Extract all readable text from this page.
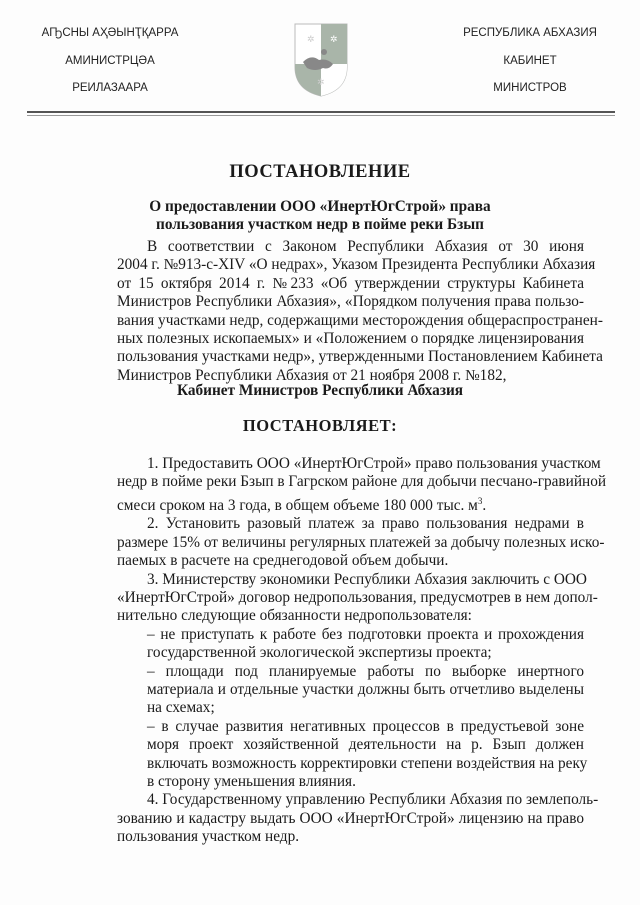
АҦСНЫ АҲӘЫНҬҚАРРА
АМИНИСТРЦӘА
РЕИЛАЗААРА
✲ ✲
✲
РЕСПУБЛИКА АБХАЗИЯ
КАБИНЕТ
МИНИСТРОВ
ПОСТАНОВЛЕНИЕ
О предоставлении ООО «ИнертЮгСтрой» права
пользования участком недр в пойме реки Бзып
В соответствии с Законом Республики Абхазия от 30 июня
2004 г. №913-с-XIV «О недрах», Указом Президента Республики Абхазия
от 15 октября 2014 г. №233 «Об утверждении структуры Кабинета
Министров Республики Абхазия», «Порядком получения права пользо-
вания участками недр, содержащими месторождения общераспространен-
ных полезных ископаемых» и «Положением о порядке лицензирования
пользования участками недр», утвержденными Постановлением Кабинета
Министров Республики Абхазия от 21 ноября 2008 г. №182,
Кабинет Министров Республики Абхазия
ПОСТАНОВЛЯЕТ:
1. Предоставить ООО «ИнертЮгСтрой» право пользования участком
недр в пойме реки Бзып в Гагрском районе для добычи песчано-гравийной
смеси сроком на 3 года, в общем объеме 180 000 тыс. $м^3$.
2. Установить разовый платеж за право пользования недрами в
размере 15% от величины регулярных платежей за добычу полезных иско-
паемых в расчете на среднегодовой объем добычи.
3. Министерству экономики Республики Абхазия заключить с ООО
«ИнертЮгСтрой» договор недропользования, предусмотрев в нем допол-
нительно следующие обязанности недропользователя:
– не приступать к работе без подготовки проекта и прохождения
государственной экологической экспертизы проекта;
– площади под планируемые работы по выборке инертного
материала и отдельные участки должны быть отчетливо выделены
на схемах;
– в случае развития негативных процессов в предустьевой зоне
моря проект хозяйственной деятельности на р. Бзып должен
включать возможность корректировки степени воздействия на реку
в сторону уменьшения влияния.
4. Государственному управлению Республики Абхазия по землеполь-
зованию и кадастру выдать ООО «ИнертЮгСтрой» лицензию на право
пользования участком недр.
